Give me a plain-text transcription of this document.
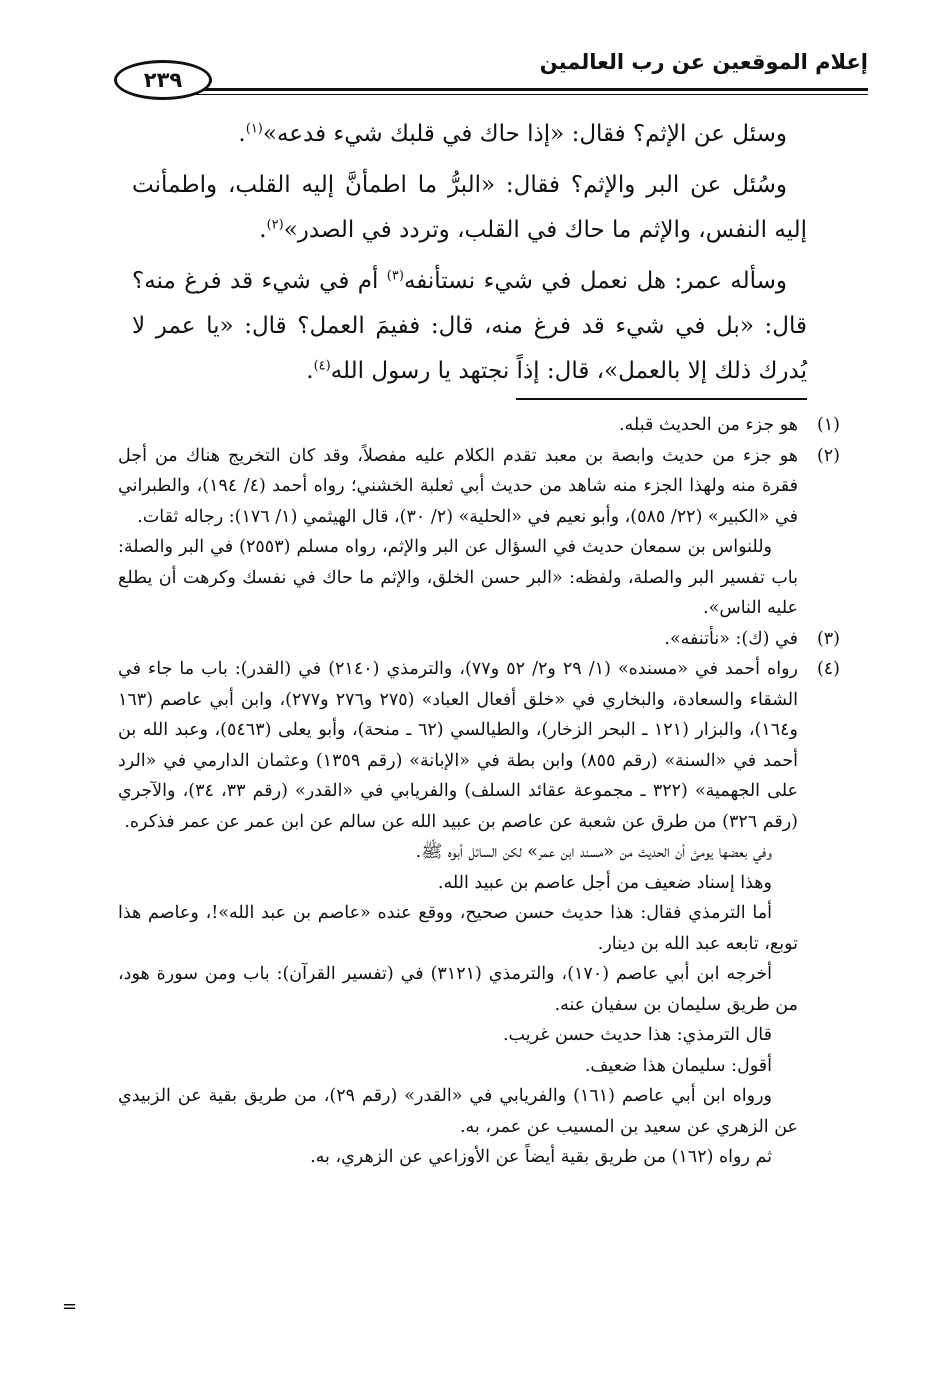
إعلام الموقعين عن رب العالمين
٢٣٩

وسئل عن الإثم؟ فقال: «إذا حاك في قلبك شيء فدعه»$^{(١)}$.

وسُئل عن البر والإثم؟ فقال: «البرُّ ما اطمأنَّ إليه القلب، واطمأنت إليه النفس، والإثم ما حاك في القلب، وتردد في الصدر»$^{(٢)}$.

وسأله عمر: هل نعمل في شيء نستأنفه$^{(٣)}$ أم في شيء قد فرغ منه؟ قال: «بل في شيء قد فرغ منه، قال: ففيمَ العمل؟ قال: «يا عمر لا يُدرك ذلك إلا بالعمل»، قال: إذاً نجتهد يا رسول الله$^{(٤)}$.

(١)

هو جزء من الحديث قبله.

(٢)

هو جزء من حديث وابصة بن معبد تقدم الكلام عليه مفصلاً، وقد كان التخريج هناك من أجل فقرة منه ولهذا الجزء منه شاهد من حديث أبي ثعلبة الخشني؛ رواه أحمد (٤/ ١٩٤)، والطبراني في «الكبير» (٢٢/ ٥٨٥)، وأبو نعيم في «الحلية» (٢/ ٣٠)، قال الهيثمي (١/ ١٧٦): رجاله ثقات.

وللنواس بن سمعان حديث في السؤال عن البر والإثم، رواه مسلم (٢٥٥٣) في البر والصلة: باب تفسير البر والصلة، ولفظه: «البر حسن الخلق، والإثم ما حاك في نفسك وكرهت أن يطلع عليه الناس».

(٣)

في (ك): «نأتنفه».

(٤)

رواه أحمد في «مسنده» (١/ ٢٩ و٢/ ٥٢ و٧٧)، والترمذي (٢١٤٠) في (القدر): باب ما جاء في الشقاء والسعادة، والبخاري في «خلق أفعال العباد» (٢٧٥ و٢٧٦ و٢٧٧)، وابن أبي عاصم (١٦٣ و١٦٤)، والبزار (١٢١ ـ البحر الزخار)، والطيالسي (٦٢ ـ منحة)، وأبو يعلى (٥٤٦٣)، وعبد الله بن أحمد في «السنة» (رقم ٨٥٥) وابن بطة في «الإبانة» (رقم ١٣٥٩) وعثمان الدارمي في «الرد على الجهمية» (٣٢٢ ـ مجموعة عقائد السلف) والفريابي في «القدر» (رقم ٣٣، ٣٤)، والآجري (رقم ٣٢٦) من طرق عن شعبة عن عاصم بن عبيد الله عن سالم عن ابن عمر عن عمر فذكره.

وفي بعضها يومئ أن الحديث من «مسند ابن عمر» لكن السائل أبوه ﷺ.

وهذا إسناد ضعيف من أجل عاصم بن عبيد الله.

أما الترمذي فقال: هذا حديث حسن صحيح، ووقع عنده «عاصم بن عبد الله»!، وعاصم هذا توبع، تابعه عبد الله بن دينار.

أخرجه ابن أبي عاصم (١٧٠)، والترمذي (٣١٢١) في (تفسير القرآن): باب ومن سورة هود، من طريق سليمان بن سفيان عنه.

قال الترمذي: هذا حديث حسن غريب.

أقول: سليمان هذا ضعيف.

ورواه ابن أبي عاصم (١٦١) والفريابي في «القدر» (رقم ٢٩)، من طريق بقية عن الزبيدي عن الزهري عن سعيد بن المسيب عن عمر، به.

ثم رواه (١٦٢) من طريق بقية أيضاً عن الأوزاعي عن الزهري، به.

=
